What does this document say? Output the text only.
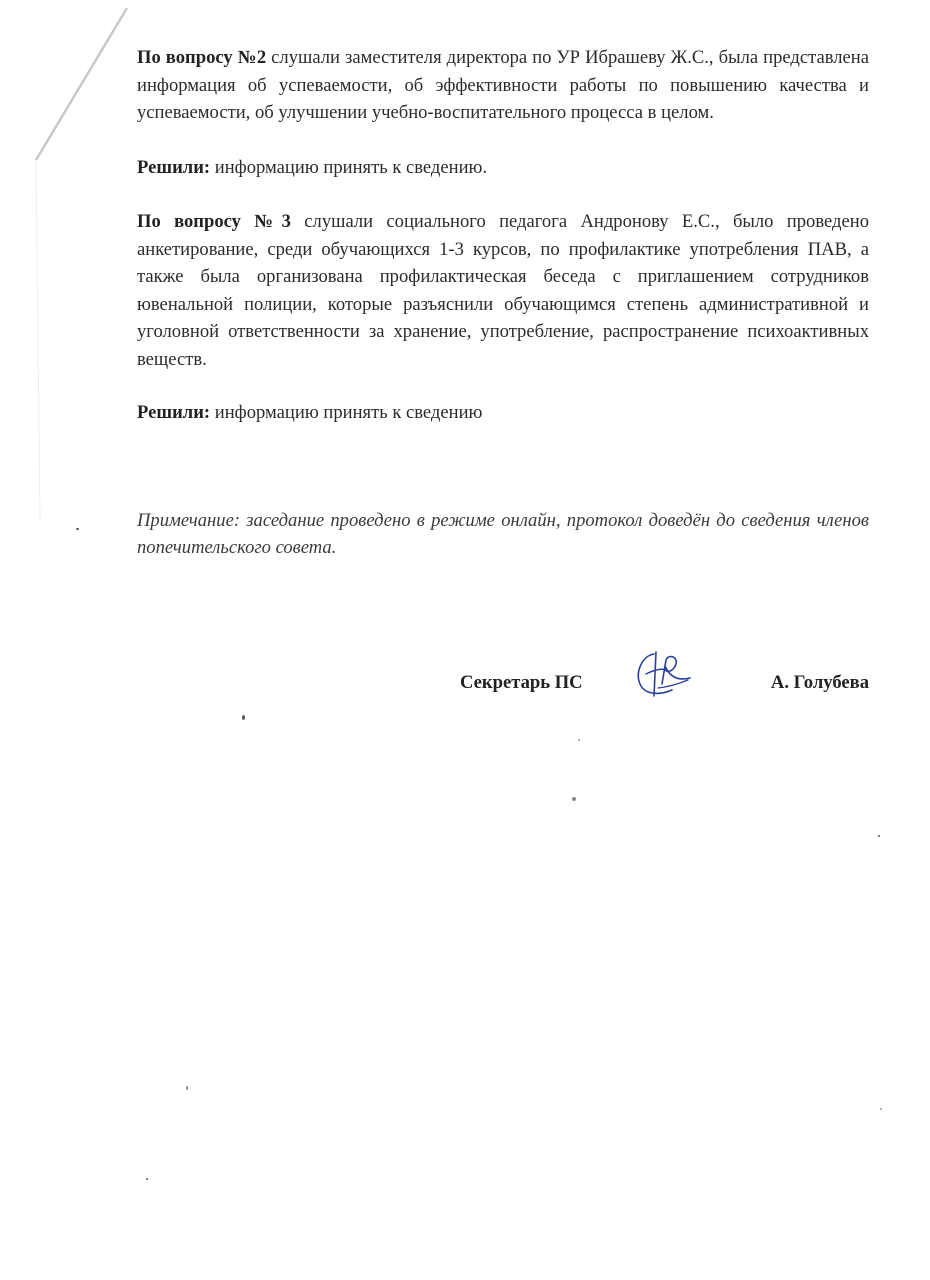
По вопросу №2 слушали заместителя директора по УР Ибрашеву Ж.С., была представлена информация об успеваемости, об эффективности работы по повышению качества и успеваемости, об улучшении учебно-воспитательного процесса в целом.

Решили: информацию принять к сведению.

По вопросу №3 слушали социального педагога Андронову Е.С., было проведено анкетирование, среди обучающихся 1-3 курсов, по профилактике употребления ПАВ, а также была организована профилактическая беседа с приглашением сотрудников ювенальной полиции, которые разъяснили обучающимся степень административной и уголовной ответственности за хранение, употребление, распространение психоактивных веществ.

Решили: информацию принять к сведению

Примечание: заседание проведено в режиме онлайн, протокол доведён до сведения членов попечительского совета.

Секретарь ПС	А. Голубева
